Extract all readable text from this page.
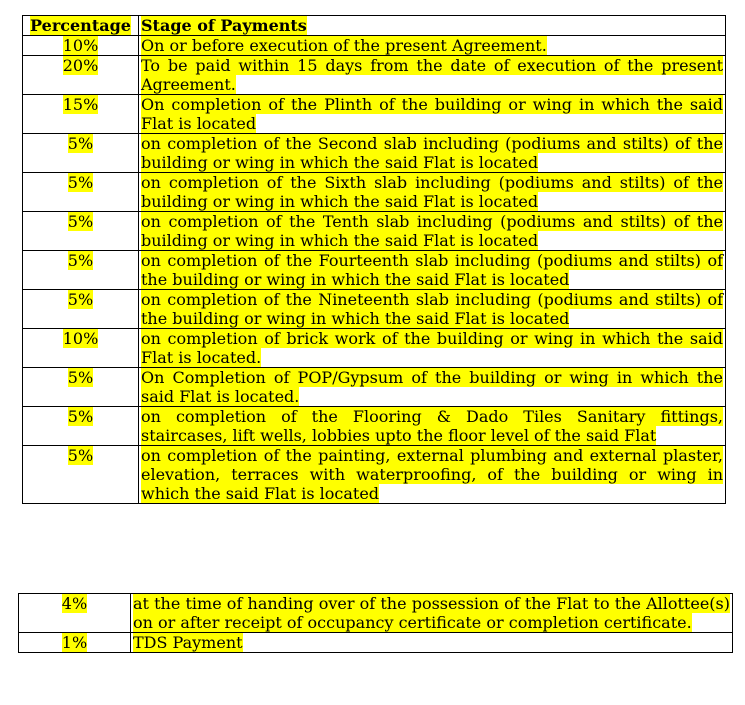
Percentage	Stage of Payments
10%	On or before execution of the present Agreement.
20%	To be paid within 15 days from the date of execution of the present Agreement.
15%	On completion of the Plinth of the building or wing in which the said Flat is located
5%	on completion of the Second slab including (podiums and stilts) of the building or wing in which the said Flat is located
5%	on completion of the Sixth slab including (podiums and stilts) of the building or wing in which the said Flat is located
5%	on completion of the Tenth slab including (podiums and stilts) of the building or wing in which the said Flat is located
5%	on completion of the Fourteenth slab including (podiums and stilts) of the building or wing in which the said Flat is located
5%	on completion of the Nineteenth slab including (podiums and stilts) of the building or wing in which the said Flat is located
10%	on completion of brick work of the building or wing in which the said Flat is located.
5%	On Completion of POP/Gypsum of the building or wing in which the said Flat is located.
5%	on completion of the Flooring & Dado Tiles Sanitary fittings, staircases, lift wells, lobbies upto the floor level of the said Flat
5%	on completion of the painting, external plumbing and external plaster, elevation, terraces with waterproofing, of the building or wing in which the said Flat is located
4%	at the time of handing over of the possession of the Flat to the Allottee(s) on or after receipt of occupancy certificate or completion certificate.
1%	TDS Payment
